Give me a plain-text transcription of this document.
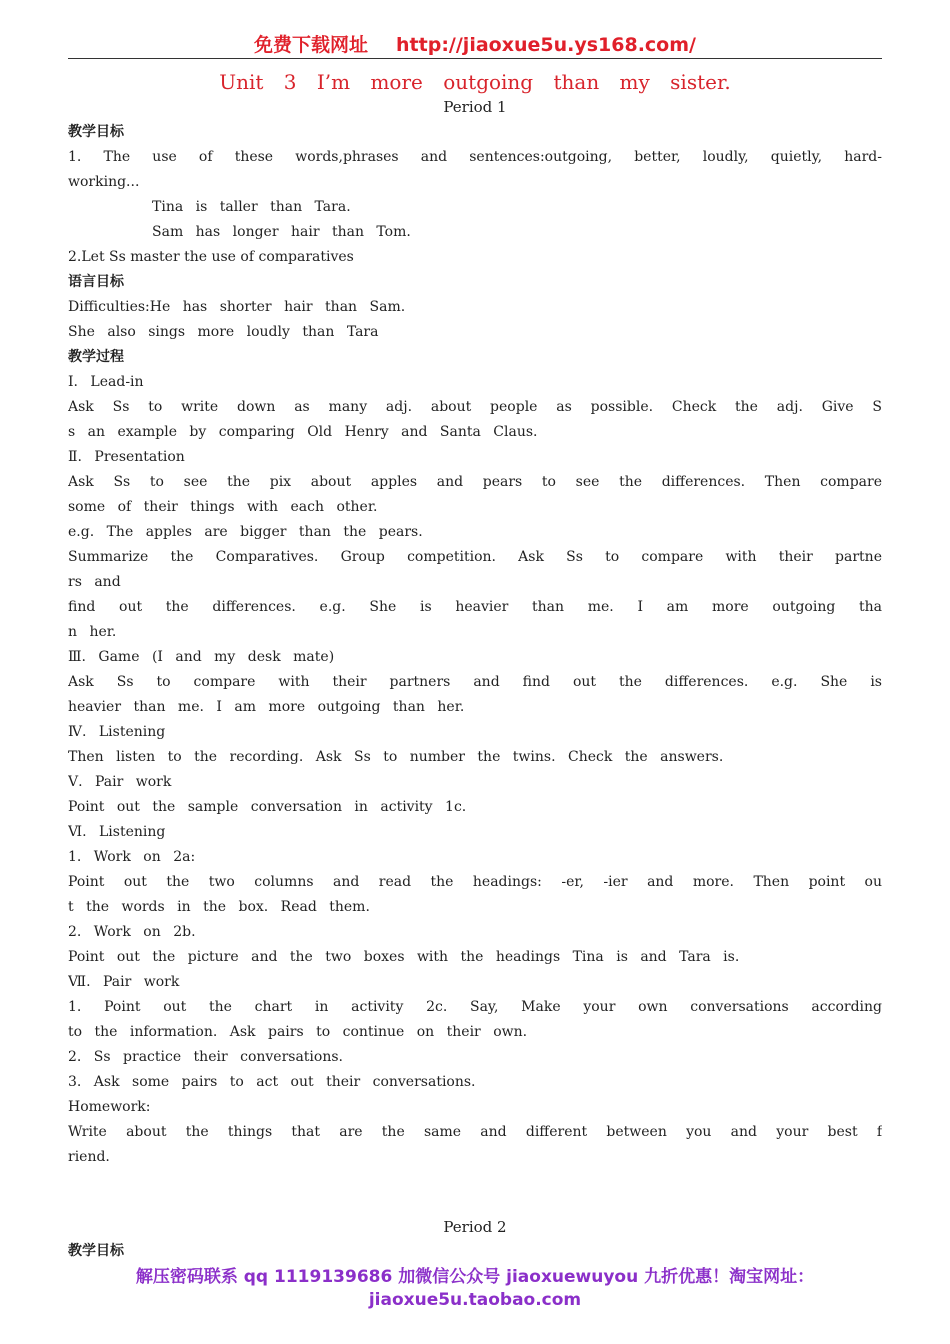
免费下载网址 http://jiaoxue5u.ys168.com/
Unit 3 I’m more outgoing than my sister.
Period 1
教学目标
1. The use of these words,phrases and sentences:outgoing, better, loudly, quietly, hard-
working...
Tina is taller than Tara.
Sam has longer hair than Tom.
2.Let Ss master the use of comparatives
语言目标
Difficulties:He has shorter hair than Sam.
She also sings more loudly than Tara
教学过程
Ⅰ. Lead-in
Ask Ss to write down as many adj. about people as possible. Check the adj. Give S
s an example by comparing Old Henry and Santa Claus.
Ⅱ. Presentation
Ask Ss to see the pix about apples and pears to see the differences. Then compare
some of their things with each other.
e.g. The apples are bigger than the pears.
Summarize the Comparatives. Group competition. Ask Ss to compare with their partne
rs and
find out the differences. e.g. She is heavier than me. I am more outgoing tha
n her.
Ⅲ. Game (I and my desk mate)
Ask Ss to compare with their partners and find out the differences. e.g. She is
heavier than me. I am more outgoing than her.
Ⅳ. Listening
Then listen to the recording. Ask Ss to number the twins. Check the answers.
Ⅴ. Pair work
Point out the sample conversation in activity 1c.
Ⅵ. Listening
1. Work on 2a:
Point out the two columns and read the headings: -er, -ier and more. Then point ou
t the words in the box. Read them.
2. Work on 2b.
Point out the picture and the two boxes with the headings Tina is and Tara is.
Ⅶ. Pair work
1. Point out the chart in activity 2c. Say, Make your own conversations according
to the information. Ask pairs to continue on their own.
2. Ss practice their conversations.
3. Ask some pairs to act out their conversations.
Homework:
Write about the things that are the same and different between you and your best f
riend.
Period 2
教学目标
解压密码联系 qq 1119139686 加微信公众号 jiaoxuewuyou 九折优惠！淘宝网址：
jiaoxue5u.taobao.com
